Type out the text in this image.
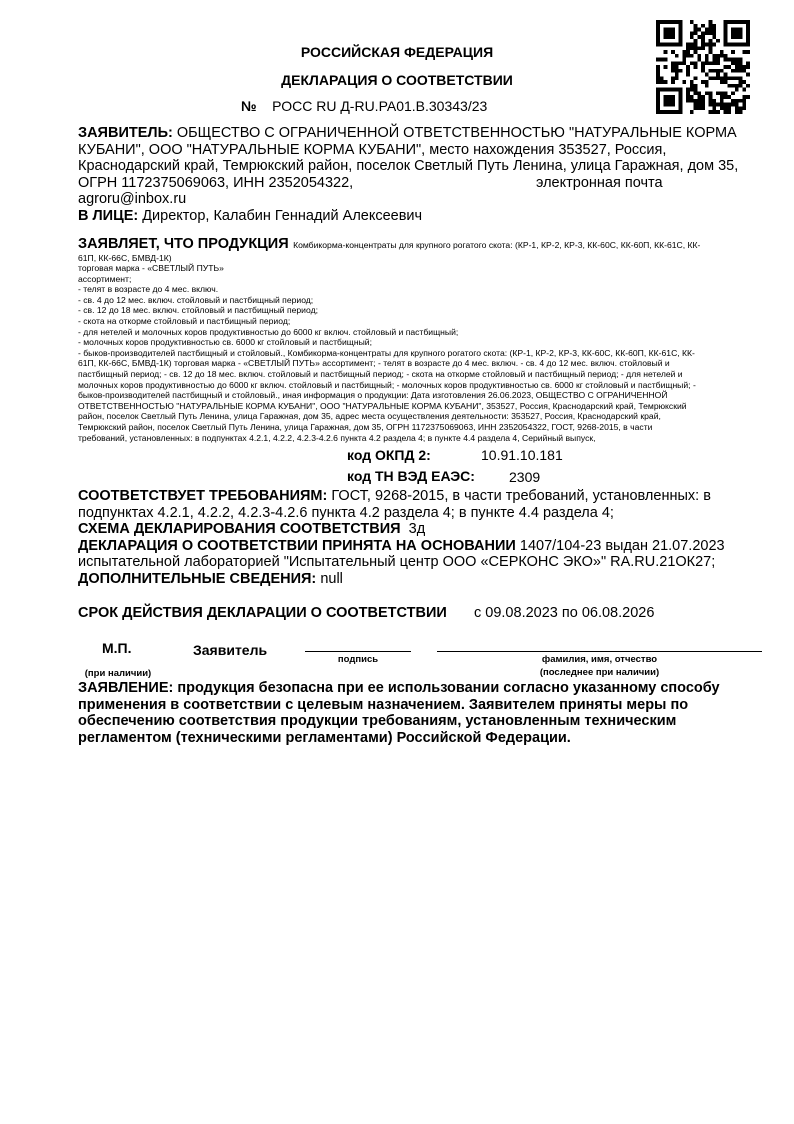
РОССИЙСКАЯ ФЕДЕРАЦИЯ
ДЕКЛАРАЦИЯ О СООТВЕТСТВИИ
№ РОСС RU Д-RU.PA01.B.30343/23
ЗАЯВИТЕЛЬ: ОБЩЕСТВО С ОГРАНИЧЕННОЙ ОТВЕТСТВЕННОСТЬЮ "НАТУРАЛЬНЫЕ КОРМА
КУБАНИ", ООО "НАТУРАЛЬНЫЕ КОРМА КУБАНИ", место нахождения 353527, Россия,
Краснодарский край, Темрюкский район, поселок Светлый Путь Ленина, улица Гаражная, дом 35,
ОГРН 1172375069063, ИНН 2352054322,	электронная почта
agroru@inbox.ru
В ЛИЦЕ: Директор, Калабин Геннадий Алексеевич
ЗАЯВЛЯЕТ, ЧТО ПРОДУКЦИЯ Комбикорма-концентраты для крупного рогатого скота: (КР-1, КР-2, КР-3, КК-60С, КК-60П, КК-61С, КК-
61П, КК-66С, БМВД-1К)
торговая марка - «СВЕТЛЫЙ ПУТЬ»
ассортимент;
- телят в возрасте до 4 мес. включ.
- св. 4 до 12 мес. включ. стойловый и пастбищный период;
- св. 12 до 18 мес. включ. стойловый и пастбищный период;
- скота на откорме стойловый и пастбищный период;
- для нетелей и молочных коров продуктивностью до 6000 кг включ. стойловый и пастбищный;
- молочных коров продуктивностью св. 6000 кг стойловый и пастбищный;
- быков-производителей пастбищный и стойловый., Комбикорма-концентраты для крупного рогатого скота: (КР-1, КР-2, КР-3, КК-60С, КК-60П, КК-61С, КК-
61П, КК-66С, БМВД-1К) торговая марка - «СВЕТЛЫЙ ПУТЬ» ассортимент; - телят в возрасте до 4 мес. включ. - св. 4 до 12 мес. включ. стойловый и
пастбищный период; - св. 12 до 18 мес. включ. стойловый и пастбищный период; - скота на откорме стойловый и пастбищный период; - для нетелей и
молочных коров продуктивностью до 6000 кг включ. стойловый и пастбищный; - молочных коров продуктивностью св. 6000 кг стойловый и пастбищный; -
быков-производителей пастбищный и стойловый., иная информация о продукции: Дата изготовления 26.06.2023, ОБЩЕСТВО С ОГРАНИЧЕННОЙ
ОТВЕТСТВЕННОСТЬЮ "НАТУРАЛЬНЫЕ КОРМА КУБАНИ", ООО "НАТУРАЛЬНЫЕ КОРМА КУБАНИ", 353527, Россия, Краснодарский край, Темрюкский
район, поселок Светлый Путь Ленина, улица Гаражная, дом 35, адрес места осуществления деятельности: 353527, Россия, Краснодарский край,
Темрюкский район, поселок Светлый Путь Ленина, улица Гаражная, дом 35, ОГРН 1172375069063, ИНН 2352054322, ГОСТ, 9268-2015, в части
требований, установленных: в подпунктах 4.2.1, 4.2.2, 4.2.3-4.2.6 пункта 4.2 раздела 4; в пункте 4.4 раздела 4, Серийный выпуск,
код ОКПД 2:	10.91.10.181
код ТН ВЭД ЕАЭС: 2309
СООТВЕТСТВУЕТ ТРЕБОВАНИЯМ: ГОСТ, 9268-2015, в части требований, установленных: в
подпунктах 4.2.1, 4.2.2, 4.2.3-4.2.6 пункта 4.2 раздела 4; в пункте 4.4 раздела 4;
СХЕМА ДЕКЛАРИРОВАНИЯ СООТВЕТСТВИЯ 3д
ДЕКЛАРАЦИЯ О СООТВЕТСТВИИ ПРИНЯТА НА ОСНОВАНИИ 1407/104-23 выдан 21.07.2023
испытательной лабораторией "Испытательный центр ООО «СЕРКОНС ЭКО»" RA.RU.21ОК27;
ДОПОЛНИТЕЛЬНЫЕ СВЕДЕНИЯ: null
СРОК ДЕЙСТВИЯ ДЕКЛАРАЦИИ О СООТВЕТСТВИИ с 09.08.2023 по 06.08.2026
М.П.	Заявитель
подпись	фамилия, имя, отчество
(последнее при наличии)
(при наличии)
ЗАЯВЛЕНИЕ: продукция безопасна при ее использовании согласно указанному способу
применения в соответствии с целевым назначением. Заявителем приняты меры по
обеспечению соответствия продукции требованиям, установленным техническим
регламентом (техническими регламентами) Российской Федерации.
